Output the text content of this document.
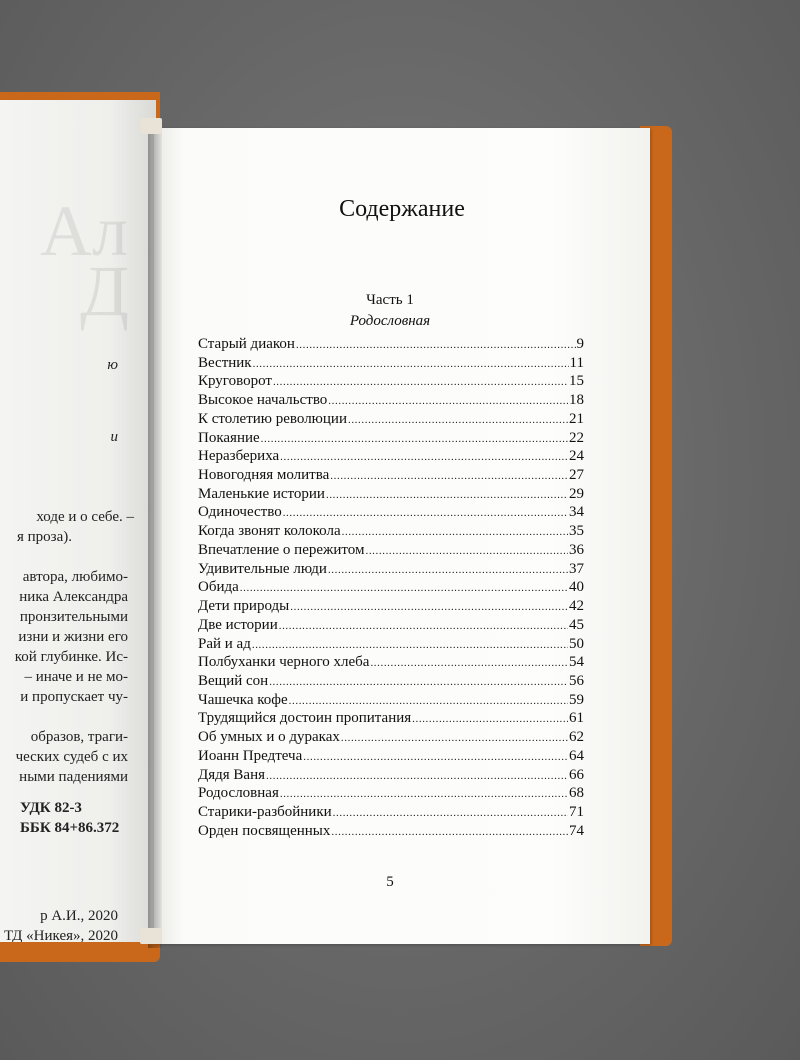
Ал
Д
ю
и
ходе и о себе. –
я проза).
автора, любимо-
ника Александра
пронзительными
изни и жизни его
кой глубинке. Ис-
– иначе и не мо-
и пропускает чу-
образов, траги-
ческих судеб с их
ными падениями
УДК 82-3
ББК 84+86.372
р А.И., 2020
ТД «Никея», 2020
Содержание
Часть 1
Родословная
Старый диакон .....	9
Вестник .....	11
Круговорот .....	15
Высокое начальство .....	18
К столетию революции .....	21
Покаяние .....	22
Неразбериха .....	24
Новогодняя молитва .....	27
Маленькие истории .....	29
Одиночество .....	34
Когда звонят колокола .....	35
Впечатление о пережитом .....	36
Удивительные люди .....	37
Обида .....	40
Дети природы .....	42
Две истории .....	45
Рай и ад .....	50
Полбуханки черного хлеба .....	54
Вещий сон .....	56
Чашечка кофе .....	59
Трудящийся достоин пропитания .....	61
Об умных и о дураках .....	62
Иоанн Предтеча .....	64
Дядя Ваня .....	66
Родословная .....	68
Старики-разбойники .....	71
Орден посвященных .....	74
5
